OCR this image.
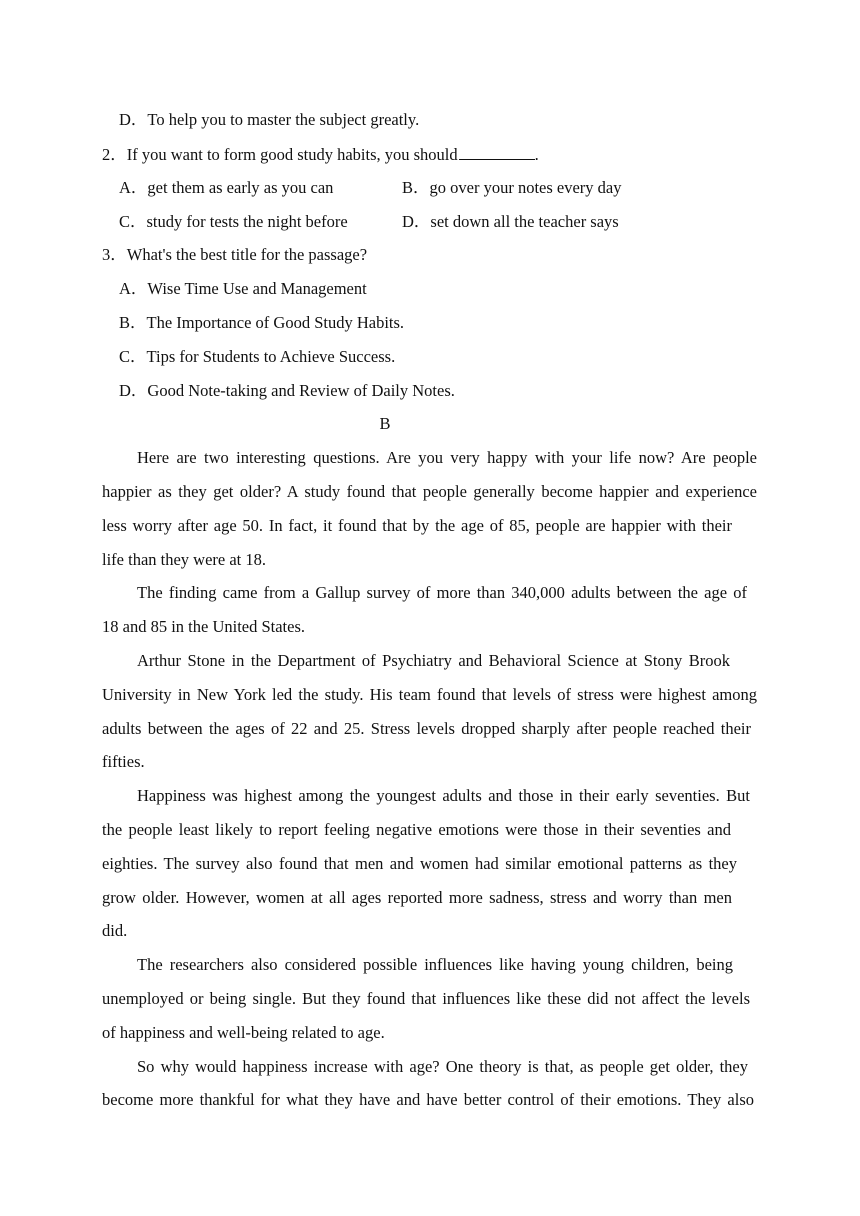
D．To help you to master the subject greatly.
2．If you want to form good study habits, you should	.
A．get them as early as you can	B．go over your notes every day
C．study for tests the night before	D．set down all the teacher says
3．What's the best title for the passage?
A．Wise Time Use and Management
B．The Importance of Good Study Habits.
C．Tips for Students to Achieve Success.
D．Good Note-taking and Review of Daily Notes.
B
Here are two interesting questions. Are you very happy with your life now? Are people
happier as they get older? A study found that people generally become happier and experience
less worry after age 50. In fact, it found that by the age of 85, people are happier with their
life than they were at 18.
The finding came from a Gallup survey of more than 340,000 adults between the age of
18 and 85 in the United States.
Arthur Stone in the Department of Psychiatry and Behavioral Science at Stony Brook
University in New York led the study. His team found that levels of stress were highest among
adults between the ages of 22 and 25. Stress levels dropped sharply after people reached their
fifties.
Happiness was highest among the youngest adults and those in their early seventies. But
the people least likely to report feeling negative emotions were those in their seventies and
eighties. The survey also found that men and women had similar emotional patterns as they
grow older. However, women at all ages reported more sadness, stress and worry than men
did.
The researchers also considered possible influences like having young children, being
unemployed or being single. But they found that influences like these did not affect the levels
of happiness and well-being related to age.
So why would happiness increase with age? One theory is that, as people get older, they
become more thankful for what they have and have better control of their emotions. They also
